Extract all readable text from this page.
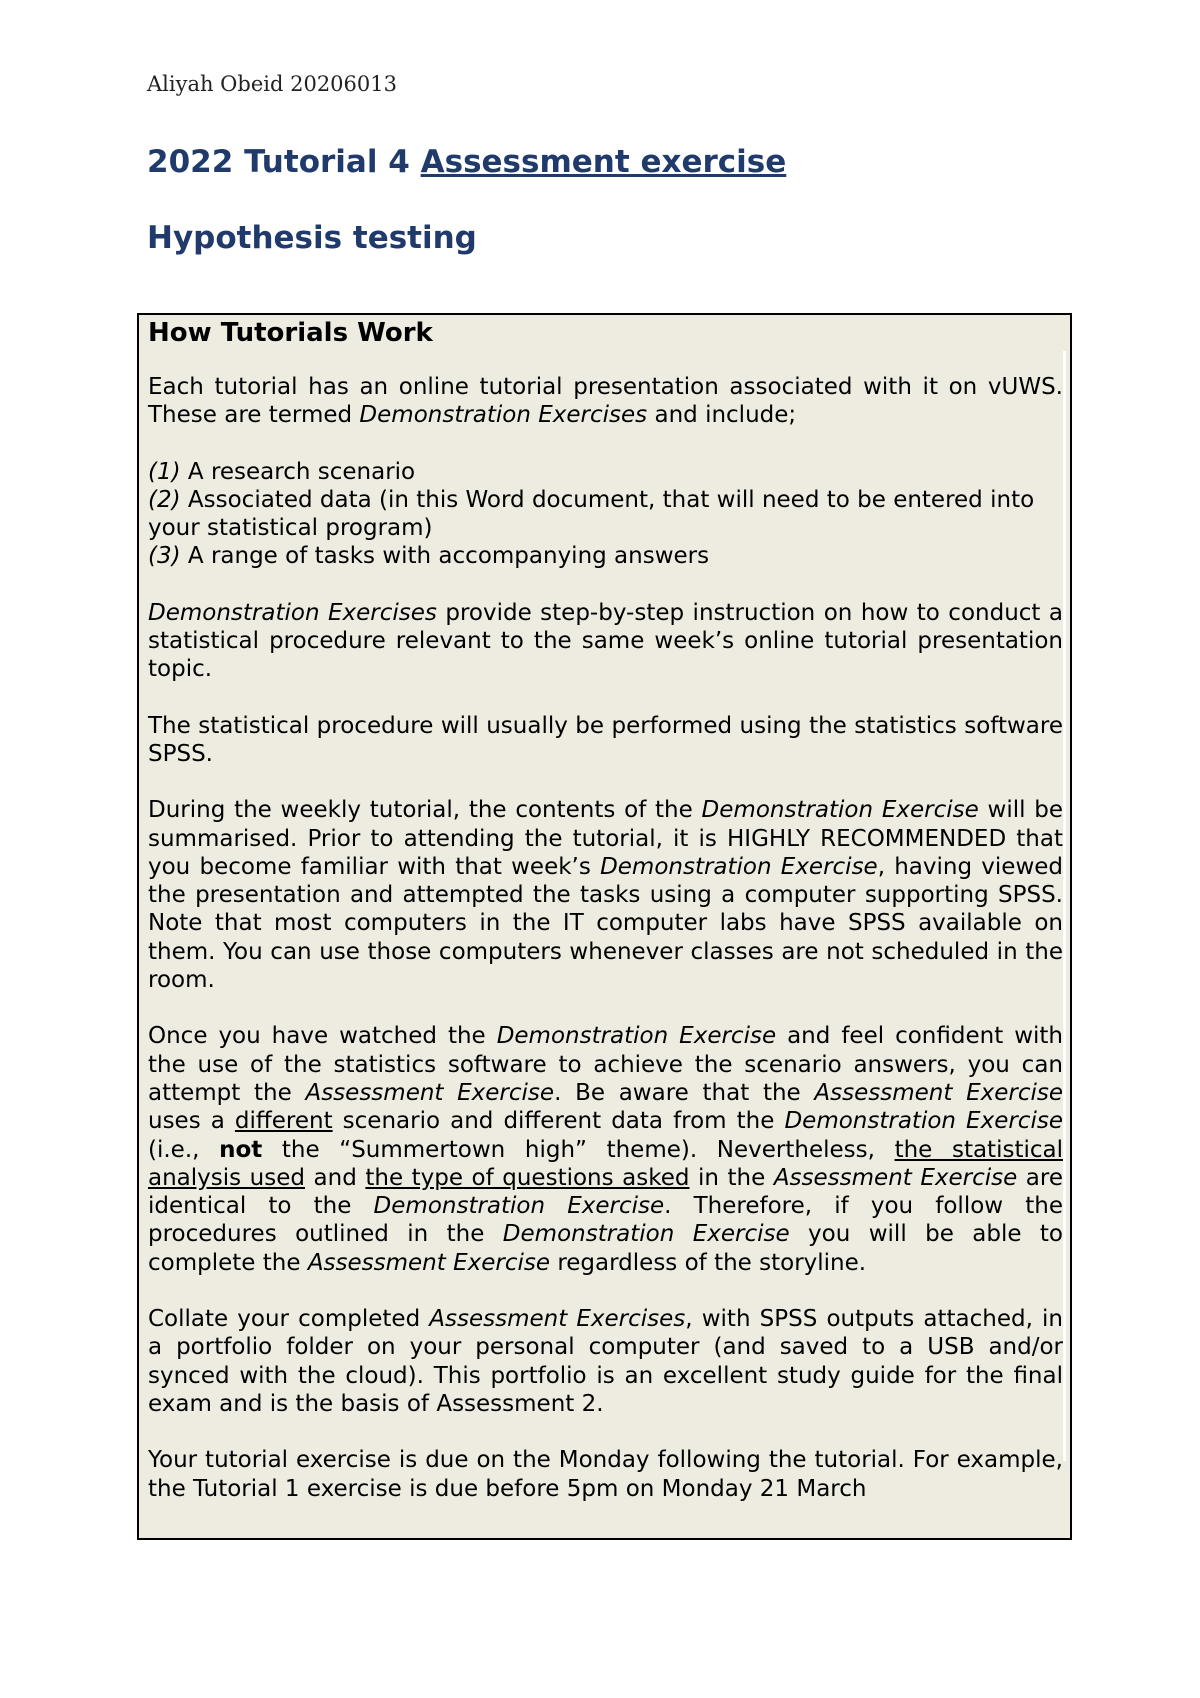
Aliyah Obeid 20206013
2022 Tutorial 4 Assessment exercise
Hypothesis testing
How Tutorials Work

Each tutorial has an online tutorial presentation associated with it on vUWS. These are termed Demonstration Exercises and include;

(1) A research scenario

(2) Associated data (in this Word document, that will need to be entered into your statistical program)

(3) A range of tasks with accompanying answers

Demonstration Exercises provide step-by-step instruction on how to conduct a statistical procedure relevant to the same week’s online tutorial presentation topic.

The statistical procedure will usually be performed using the statistics software SPSS.

During the weekly tutorial, the contents of the Demonstration Exercise will be summarised. Prior to attending the tutorial, it is HIGHLY RECOMMENDED that you become familiar with that week’s Demonstration Exercise, having viewed the presentation and attempted the tasks using a computer supporting SPSS. Note that most computers in the IT computer labs have SPSS available on them. You can use those computers whenever classes are not scheduled in the room.

Once you have watched the Demonstration Exercise and feel confident with the use of the statistics software to achieve the scenario answers, you can attempt the Assessment Exercise. Be aware that the Assessment Exercise uses a different scenario and different data from the Demonstration Exercise (i.e., not the “Summertown high” theme). Nevertheless, the statistical analysis used and the type of questions asked in the Assessment Exercise are identical to the Demonstration Exercise. Therefore, if you follow the procedures outlined in the Demonstration Exercise you will be able to complete the Assessment Exercise regardless of the storyline.

Collate your completed Assessment Exercises, with SPSS outputs attached, in a portfolio folder on your personal computer (and saved to a USB and/or synced with the cloud). This portfolio is an excellent study guide for the final exam and is the basis of Assessment 2.

Your tutorial exercise is due on the Monday following the tutorial. For example, the Tutorial 1 exercise is due before 5pm on Monday 21 March
